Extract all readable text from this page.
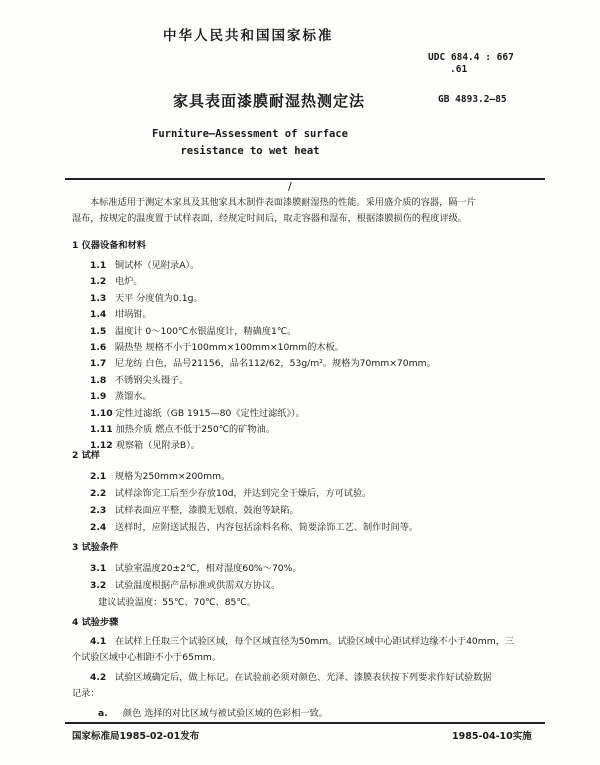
中华人民共和国国家标准
UDC 684.4 : 667
.61
家具表面漆膜耐湿热测定法	GB 4893.2—85
Furniture—Assessment of surface
resistance to wet heat
/
本标准适用于测定木家具及其他家具木制件表面漆膜耐湿热的性能。采用盛介质的容器，隔一片
湿布，按规定的温度置于试样表面，经规定时间后，取走容器和湿布，根据漆膜损伤的程度评级。
1 仪器设备和材料
1.1 铜试杯（见附录A）。
1.2 电炉。
1.3 天平 分度值为0.1g。
1.4 坩埚钳。
1.5 温度计 0～100℃水银温度计，精确度1℃。
1.6 隔热垫 规格不小于100mm×100mm×10mm的木板。
1.7 尼龙纺 白色，品号21156，品名112/62，53g/m²。规格为70mm×70mm。
1.8 不锈钢尖头镊子。
1.9 蒸馏水。
1.10 定性过滤纸（GB 1915—80《定性过滤纸》）。
1.11 加热介质 燃点不低于250℃的矿物油。
1.12 观察箱（见附录B）。
2 试样
2.1 规格为250mm×200mm。
2.2 试样涂饰完工后至少存放10d，并达到完全干燥后，方可试验。
2.3 试样表面应平整，漆膜无划痕、鼓泡等缺陷。
2.4 送样时，应附送试报告，内容包括涂料名称、简要涂饰工艺、制作时间等。
3 试验条件
3.1 试验室温度20±2℃，相对湿度60%～70%。
3.2 试验温度根据产品标准或供需双方协议。
建议试验温度：55℃、70℃、85℃。
4 试验步骤
4.1 在试样上任取三个试验区域，每个区域直径为50mm。试验区域中心距试样边缘不小于40mm，三
个试验区域中心相距不小于65mm。
4.2 试验区域确定后，做上标记。在试验前必须对颜色、光泽、漆膜表状按下列要求作好试验数据
记录：
a. 颜色 选择的对比区域与被试验区域的色彩相一致。
国家标准局1985-02-01发布	1985-04-10实施
